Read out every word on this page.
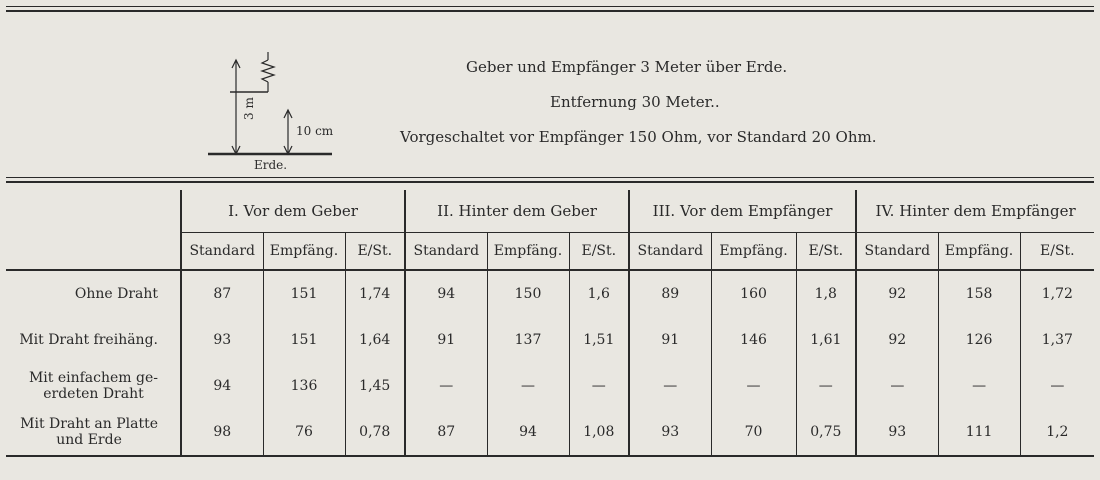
3 m
10 cm
Erde.
Geber und Empfänger 3 Meter über Erde.
Entfernung 30 Meter..
Vorgeschaltet vor Empfänger 150 Ohm, vor Standard 20 Ohm.
	I. Vor dem Geber			II. Hinter dem Geber			III. Vor dem Empfänger			IV. Hinter dem Empfänger		
	Standard	Empfäng.	E/St.	Standard	Empfäng.	E/St.	Standard	Empfäng.	E/St.	Standard	Empfäng.	E/St.

Ohne Draht	87	151	1,74	94	150	1,6	89	160	1,8	92	158	1,72

Mit Draht freihäng.	93	151	1,64	91	137	1,51	91	146	1,61	92	126	1,37

Mit einfachem ge-
erdeten Draht	94	136	1,45	—	—	—	—	—	—	—	—	—

Mit Draht an Platte
und Erde	98	76	0,78	87	94	1,08	93	70	0,75	93	111	1,2
